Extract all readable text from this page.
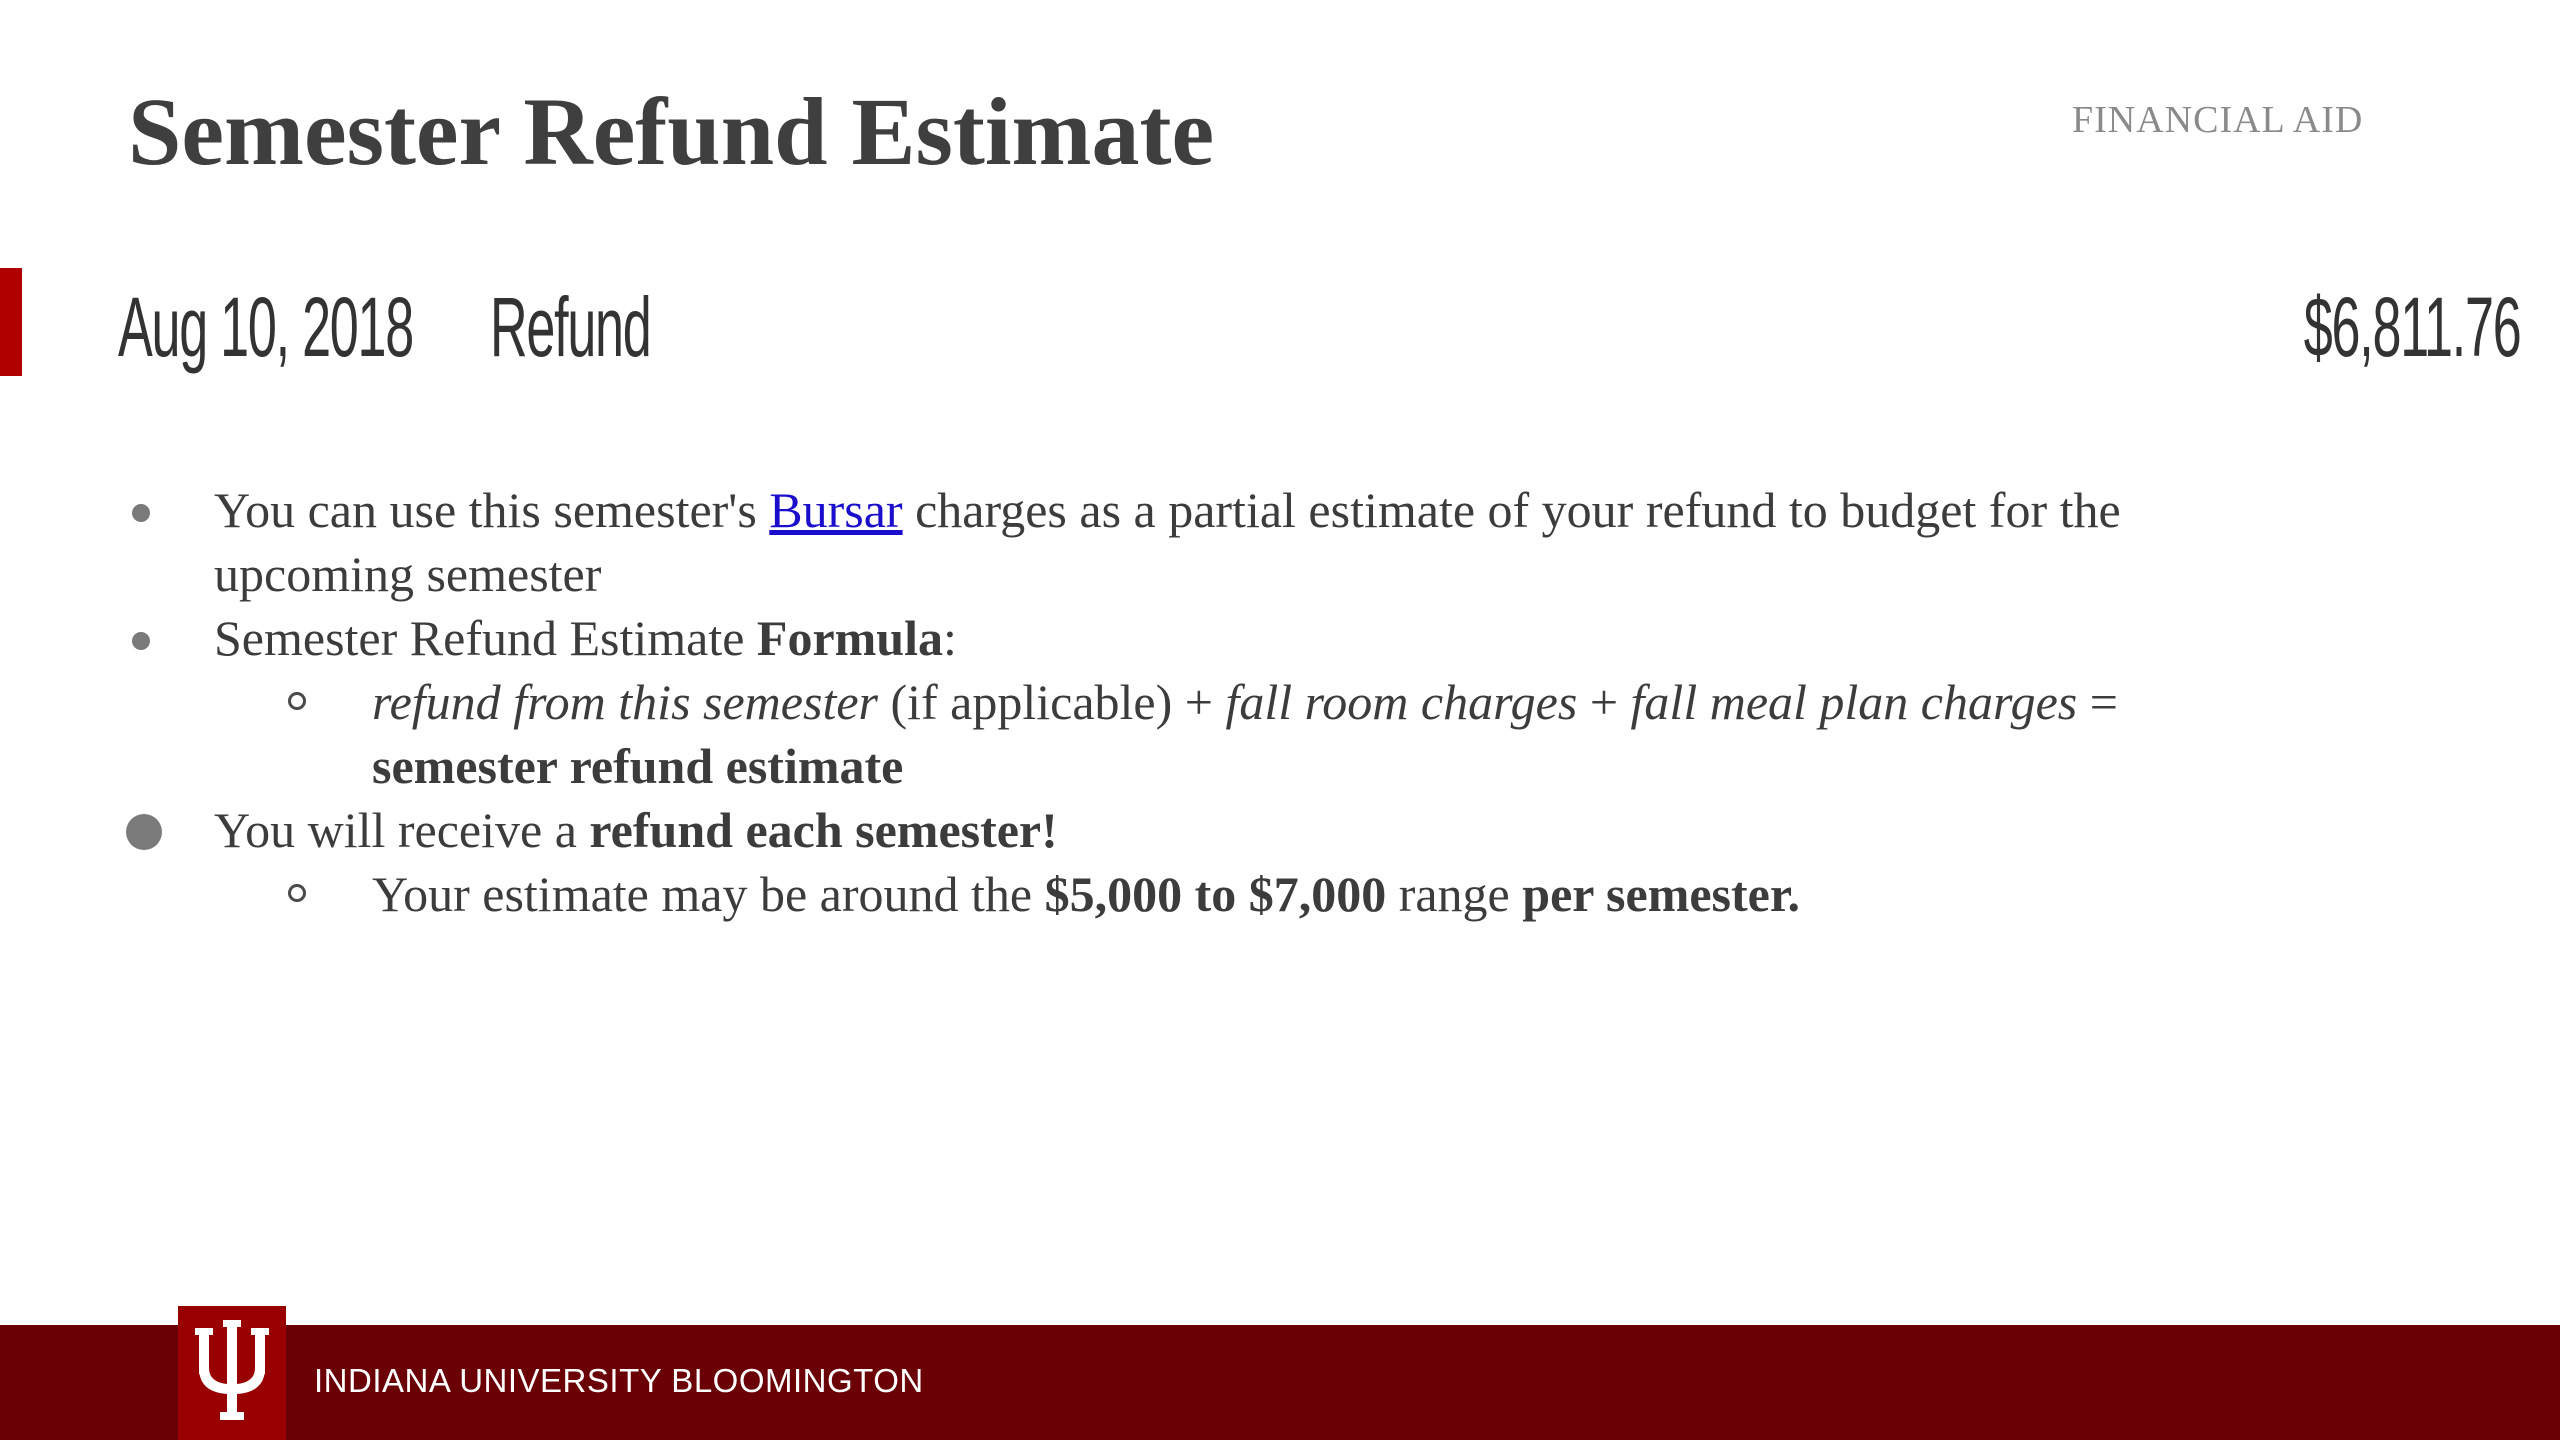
Semester Refund Estimate	FINANCIAL AID
Aug 10, 2018 Refund	$6,811.76

You can use this semester's Bursar charges as a partial estimate of your refund to budget for the upcoming semester

Semester Refund Estimate Formula:

refund from this semester (if applicable) + fall room charges + fall meal plan charges = semester refund estimate

You will receive a refund each semester!

Your estimate may be around the $5,000 to $7,000 range per semester.

INDIANA UNIVERSITY BLOOMINGTON
